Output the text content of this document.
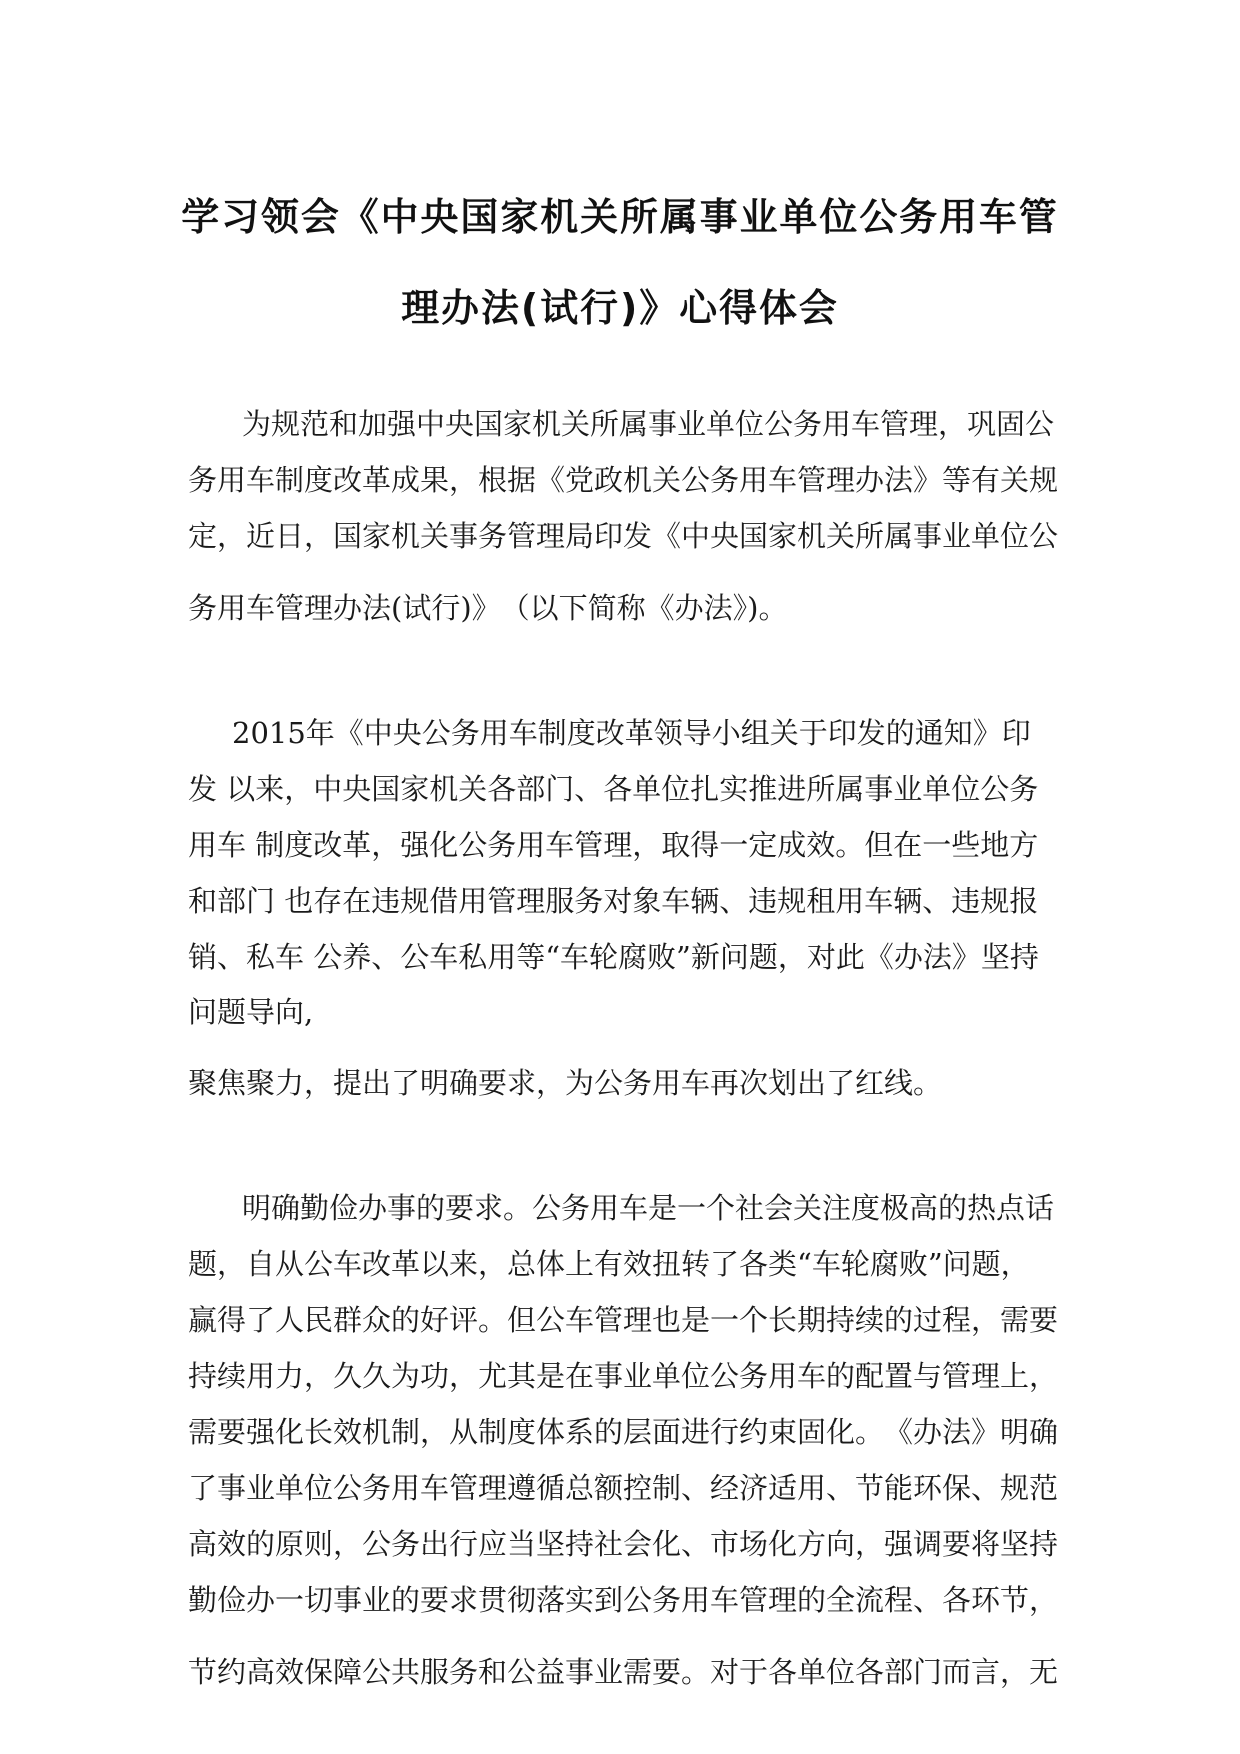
学习领会《中央国家机关所属事业单位公务用车管
理办法(试行)》心得体会
为规范和加强中央国家机关所属事业单位公务用车管理，巩固公
务用车制度改革成果，根据《党政机关公务用车管理办法》等有关规
定，近日，国家机关事务管理局印发《中央国家机关所属事业单位公
务用车管理办法(试行)》　（以下简称《办法》)。
2015年《中央公务用车制度改革领导小组关于印发的通知》印
发 以来，中央国家机关各部门、各单位扎实推进所属事业单位公务
用车 制度改革，强化公务用车管理，取得一定成效。但在一些地方
和部门 也存在违规借用管理服务对象车辆、违规租用车辆、违规报
销、私车 公养、公车私用等“车轮腐败”新问题，对此《办法》坚持
问题导向,
聚焦聚力，提出了明确要求，为公务用车再次划出了红线。
明确勤俭办事的要求。公务用车是一个社会关注度极高的热点话
题，自从公车改革以来，总体上有效扭转了各类“车轮腐败”问题，
赢得了人民群众的好评。但公车管理也是一个长期持续的过程，需要
持续用力，久久为功，尤其是在事业单位公务用车的配置与管理上，
需要强化长效机制，从制度体系的层面进行约束固化。　《办法》明确
了事业单位公务用车管理遵循总额控制、经济适用、节能环保、规范
高效的原则，公务出行应当坚持社会化、市场化方向，强调要将坚持
勤俭办一切事业的要求贯彻落实到公务用车管理的全流程、各环节，
节约高效保障公共服务和公益事业需要。对于各单位各部门而言，无
